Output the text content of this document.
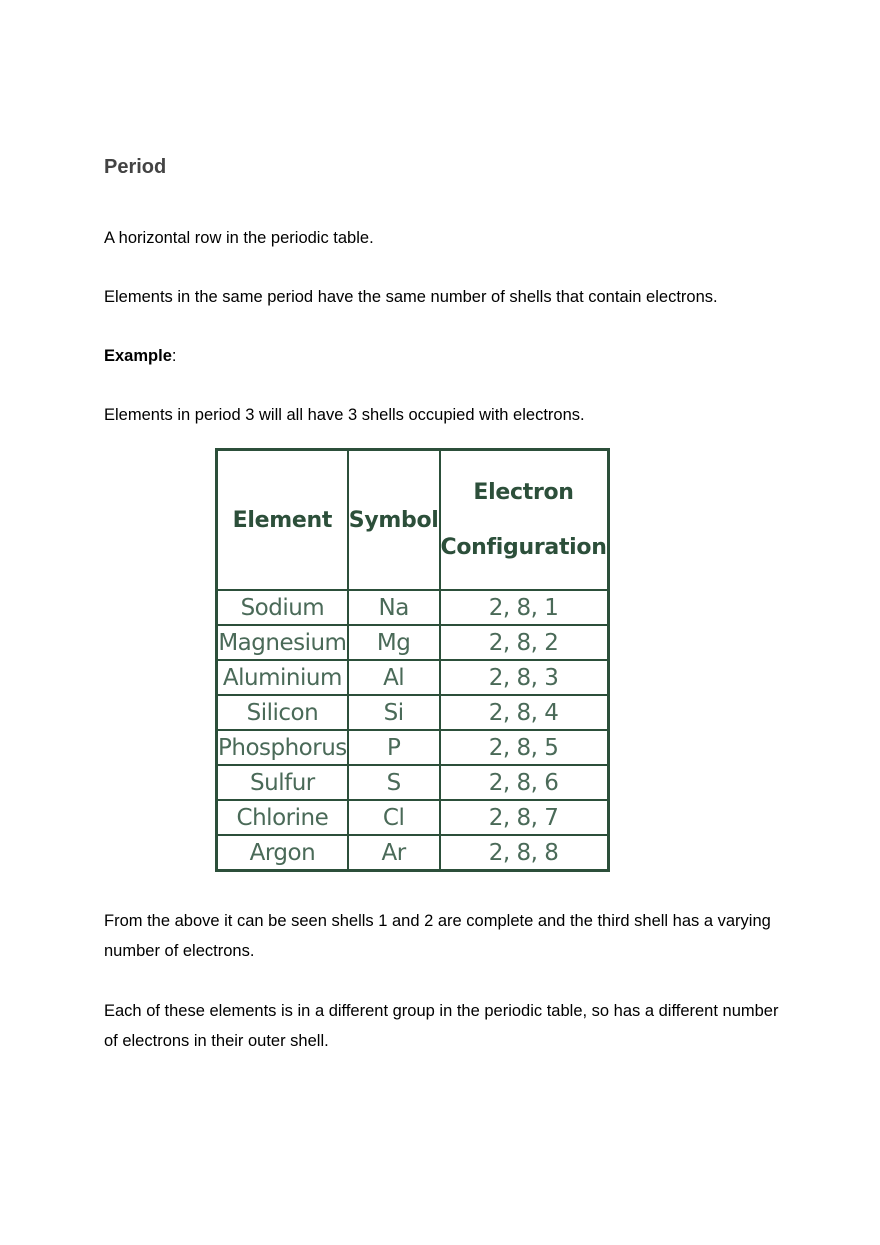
Period

A horizontal row in the periodic table.

Elements in the same period have the same number of shells that contain electrons.

Example:

Elements in period 3 will all have 3 shells occupied with electrons.

Element	Symbol	Electron
Configuration

Sodium	Na	2, 8, 1
Magnesium	Mg	2, 8, 2
Aluminium	Al	2, 8, 3
Silicon	Si	2, 8, 4
Phosphorus	P	2, 8, 5
Sulfur	S	2, 8, 6
Chlorine	Cl	2, 8, 7
Argon	Ar	2, 8, 8

From the above it can be seen shells 1 and 2 are complete and the third shell has a varying number of electrons.

Each of these elements is in a different group in the periodic table, so has a different number of electrons in their outer shell.
